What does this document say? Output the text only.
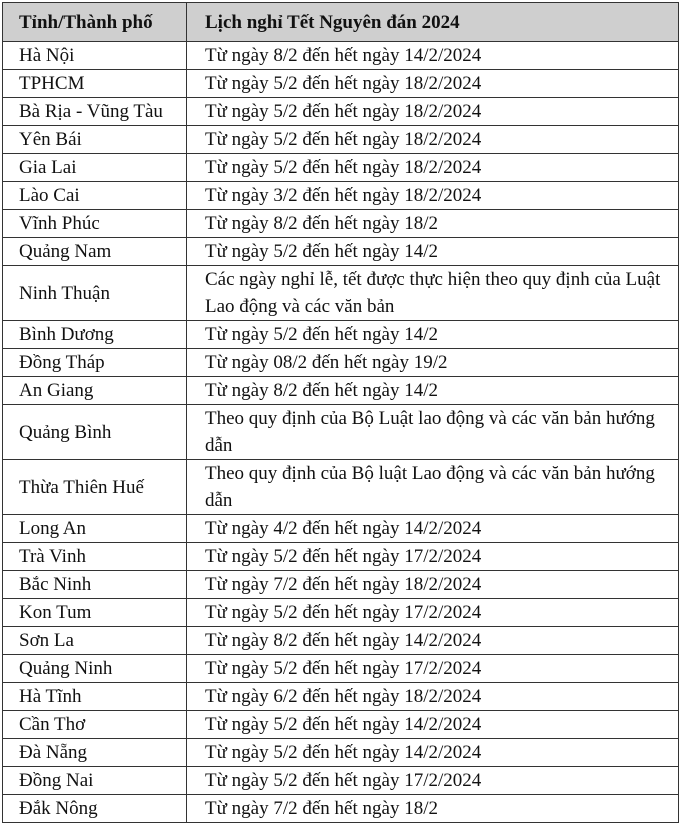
Tỉnh/Thành phố	Lịch nghỉ Tết Nguyên đán 2024
Hà Nội	Từ ngày 8/2 đến hết ngày 14/2/2024
TPHCM	Từ ngày 5/2 đến hết ngày 18/2/2024
Bà Rịa - Vũng Tàu	Từ ngày 5/2 đến hết ngày 18/2/2024
Yên Bái	Từ ngày 5/2 đến hết ngày 18/2/2024
Gia Lai	Từ ngày 5/2 đến hết ngày 18/2/2024
Lào Cai	Từ ngày 3/2 đến hết ngày 18/2/2024
Vĩnh Phúc	Từ ngày 8/2 đến hết ngày 18/2
Quảng Nam	Từ ngày 5/2 đến hết ngày 14/2
Ninh Thuận	Các ngày nghỉ lễ, tết được thực hiện theo quy định của Luật Lao động và các văn bản
Bình Dương	Từ ngày 5/2 đến hết ngày 14/2
Đồng Tháp	Từ ngày 08/2 đến hết ngày 19/2
An Giang	Từ ngày 8/2 đến hết ngày 14/2
Quảng Bình	Theo quy định của Bộ Luật lao động và các văn bản hướng dẫn
Thừa Thiên Huế	Theo quy định của Bộ luật Lao động và các văn bản hướng dẫn
Long An	Từ ngày 4/2 đến hết ngày 14/2/2024
Trà Vinh	Từ ngày 5/2 đến hết ngày 17/2/2024
Bắc Ninh	Từ ngày 7/2 đến hết ngày 18/2/2024
Kon Tum	Từ ngày 5/2 đến hết ngày 17/2/2024
Sơn La	Từ ngày 8/2 đến hết ngày 14/2/2024
Quảng Ninh	Từ ngày 5/2 đến hết ngày 17/2/2024
Hà Tĩnh	Từ ngày 6/2 đến hết ngày 18/2/2024
Cần Thơ	Từ ngày 5/2 đến hết ngày 14/2/2024
Đà Nẵng	Từ ngày 5/2 đến hết ngày 14/2/2024
Đồng Nai	Từ ngày 5/2 đến hết ngày 17/2/2024
Đắk Nông	Từ ngày 7/2 đến hết ngày 18/2
